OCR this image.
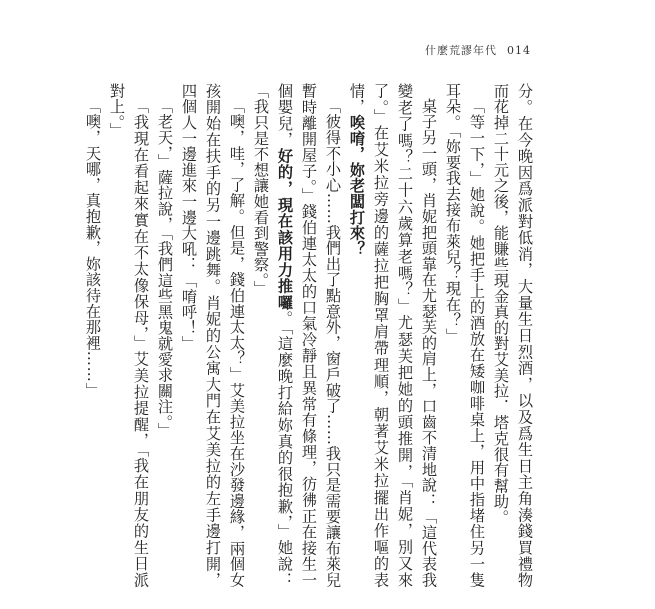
什麼荒謬年代 014

分。在今晚因爲派對低消，大量生日烈酒，以及爲生日主角湊錢買禮物而花掉二十元之後，能賺些現金真的對艾美拉．塔克很有幫助。

「等一下，」她說。她把手上的酒放在矮咖啡桌上，用中指堵住另一隻耳朵。「妳要我去接布萊兒？現在？」

桌子另一頭，肖妮把頭靠在尤瑟芙的肩上，口齒不清地說：「這代表我變老了嗎？二十六歲算老嗎？」尤瑟芙把她的頭推開，「肖妮，別又來了。」在艾米拉旁邊的薩拉把胸罩肩帶理順，朝著艾米拉擺出作嘔的表情，唉唷，妳老闆打來？

「彼得不小心……我們出了點意外，窗戶破了……我只是需要讓布萊兒暫時離開屋子。」錢伯連太太的口氣冷靜且異常有條理，彷彿正在接生一個嬰兒，好的，現在該用力推囉。「這麼晚打給妳真的很抱歉，」她說：「我只是不想讓她看到警察。」

「噢，哇，了解。但是，錢伯連太太？」艾美拉坐在沙發邊緣，兩個女孩開始在扶手的另一邊跳舞。肖妮的公寓大門在艾美拉的左手邊打開，四個人一邊進來一邊大吼：「唷呼！」

「老天，」薩拉說，「我們這些黑鬼就愛求關注。」

「我現在看起來實在不太像保母，」艾美拉提醒，「我在朋友的生日派對上。」

「噢，天哪，真抱歉，妳該待在那裡……」
